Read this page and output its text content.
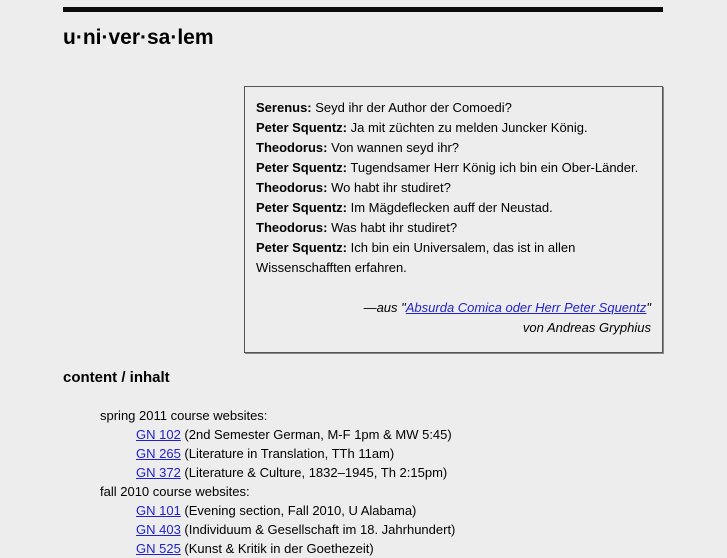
u·ni·ver·sa·lem
Serenus: Seyd ihr der Author der Comoedi?
Peter Squentz: Ja mit züchten zu melden Juncker König.
Theodorus: Von wannen seyd ihr?
Peter Squentz: Tugendsamer Herr König ich bin ein Ober-Länder.
Theodorus: Wo habt ihr studiret?
Peter Squentz: Im Mägdeflecken auff der Neustad.
Theodorus: Was habt ihr studiret?
Peter Squentz: Ich bin ein Universalem, das ist in allen Wissenschafften erfahren.
—aus "Absurda Comica oder Herr Peter Squentz"
von Andreas Gryphius
content / inhalt
spring 2011 course websites:
GN 102 (2nd Semester German, M-F 1pm & MW 5:45)
GN 265 (Literature in Translation, TTh 11am)
GN 372 (Literature & Culture, 1832–1945, Th 2:15pm)
fall 2010 course websites:
GN 101 (Evening section, Fall 2010, U Alabama)
GN 403 (Individuum & Gesellschaft im 18. Jahrhundert)
GN 525 (Kunst & Kritik in der Goethezeit)
